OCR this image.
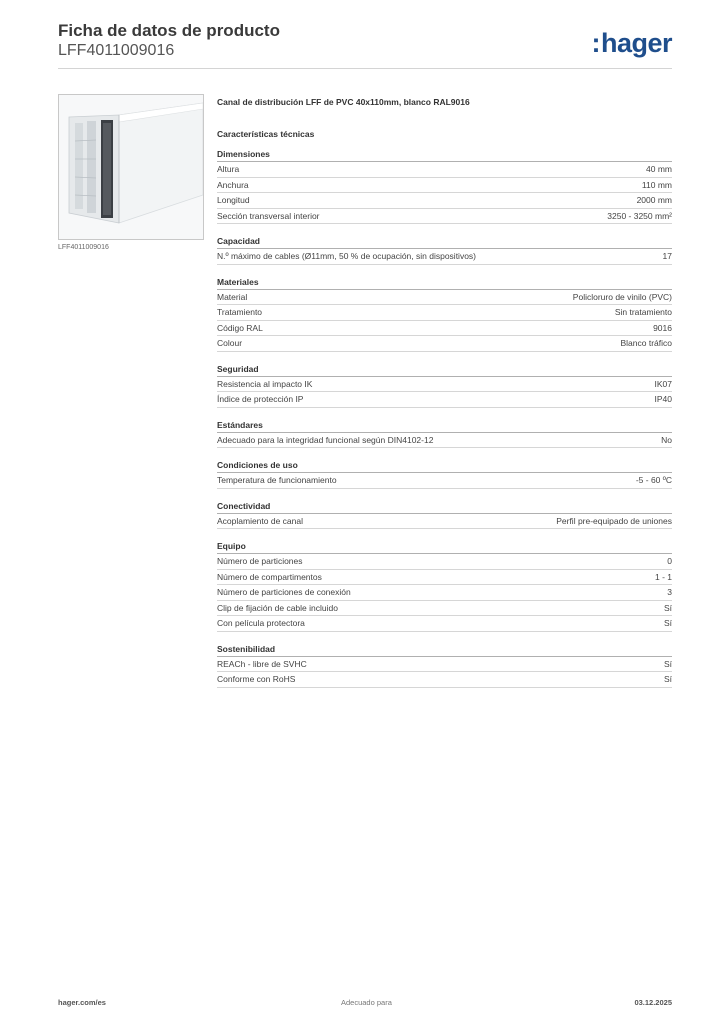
Ficha de datos de producto
LFF4011009016	:hager
LFF4011009016
Canal de distribución LFF de PVC 40x110mm, blanco RAL9016
Características técnicas
Dimensiones
Altura	40 mm
Anchura	110 mm
Longitud	2000 mm
Sección transversal interior	3250 - 3250 mm²
Capacidad
N.º máximo de cables (Ø11mm, 50 % de ocupación, sin dispositivos)	17
Materiales
Material	Policloruro de vinilo (PVC)
Tratamiento	Sin tratamiento
Código RAL	9016
Colour	Blanco tráfico
Seguridad
Resistencia al impacto IK	IK07
Índice de protección IP	IP40
Estándares
Adecuado para la integridad funcional según DIN4102-12	No
Condiciones de uso
Temperatura de funcionamiento	-5 - 60 ºC
Conectividad
Acoplamiento de canal	Perfil pre-equipado de uniones
Equipo
Número de particiones	0
Número de compartimentos	1 - 1
Número de particiones de conexión	3
Clip de fijación de cable incluido	Sí
Con película protectora	Sí
Sostenibilidad
REACh - libre de SVHC	Sí
Conforme con RoHS	Sí
hager.com/es	Adecuado para	03.12.2025
